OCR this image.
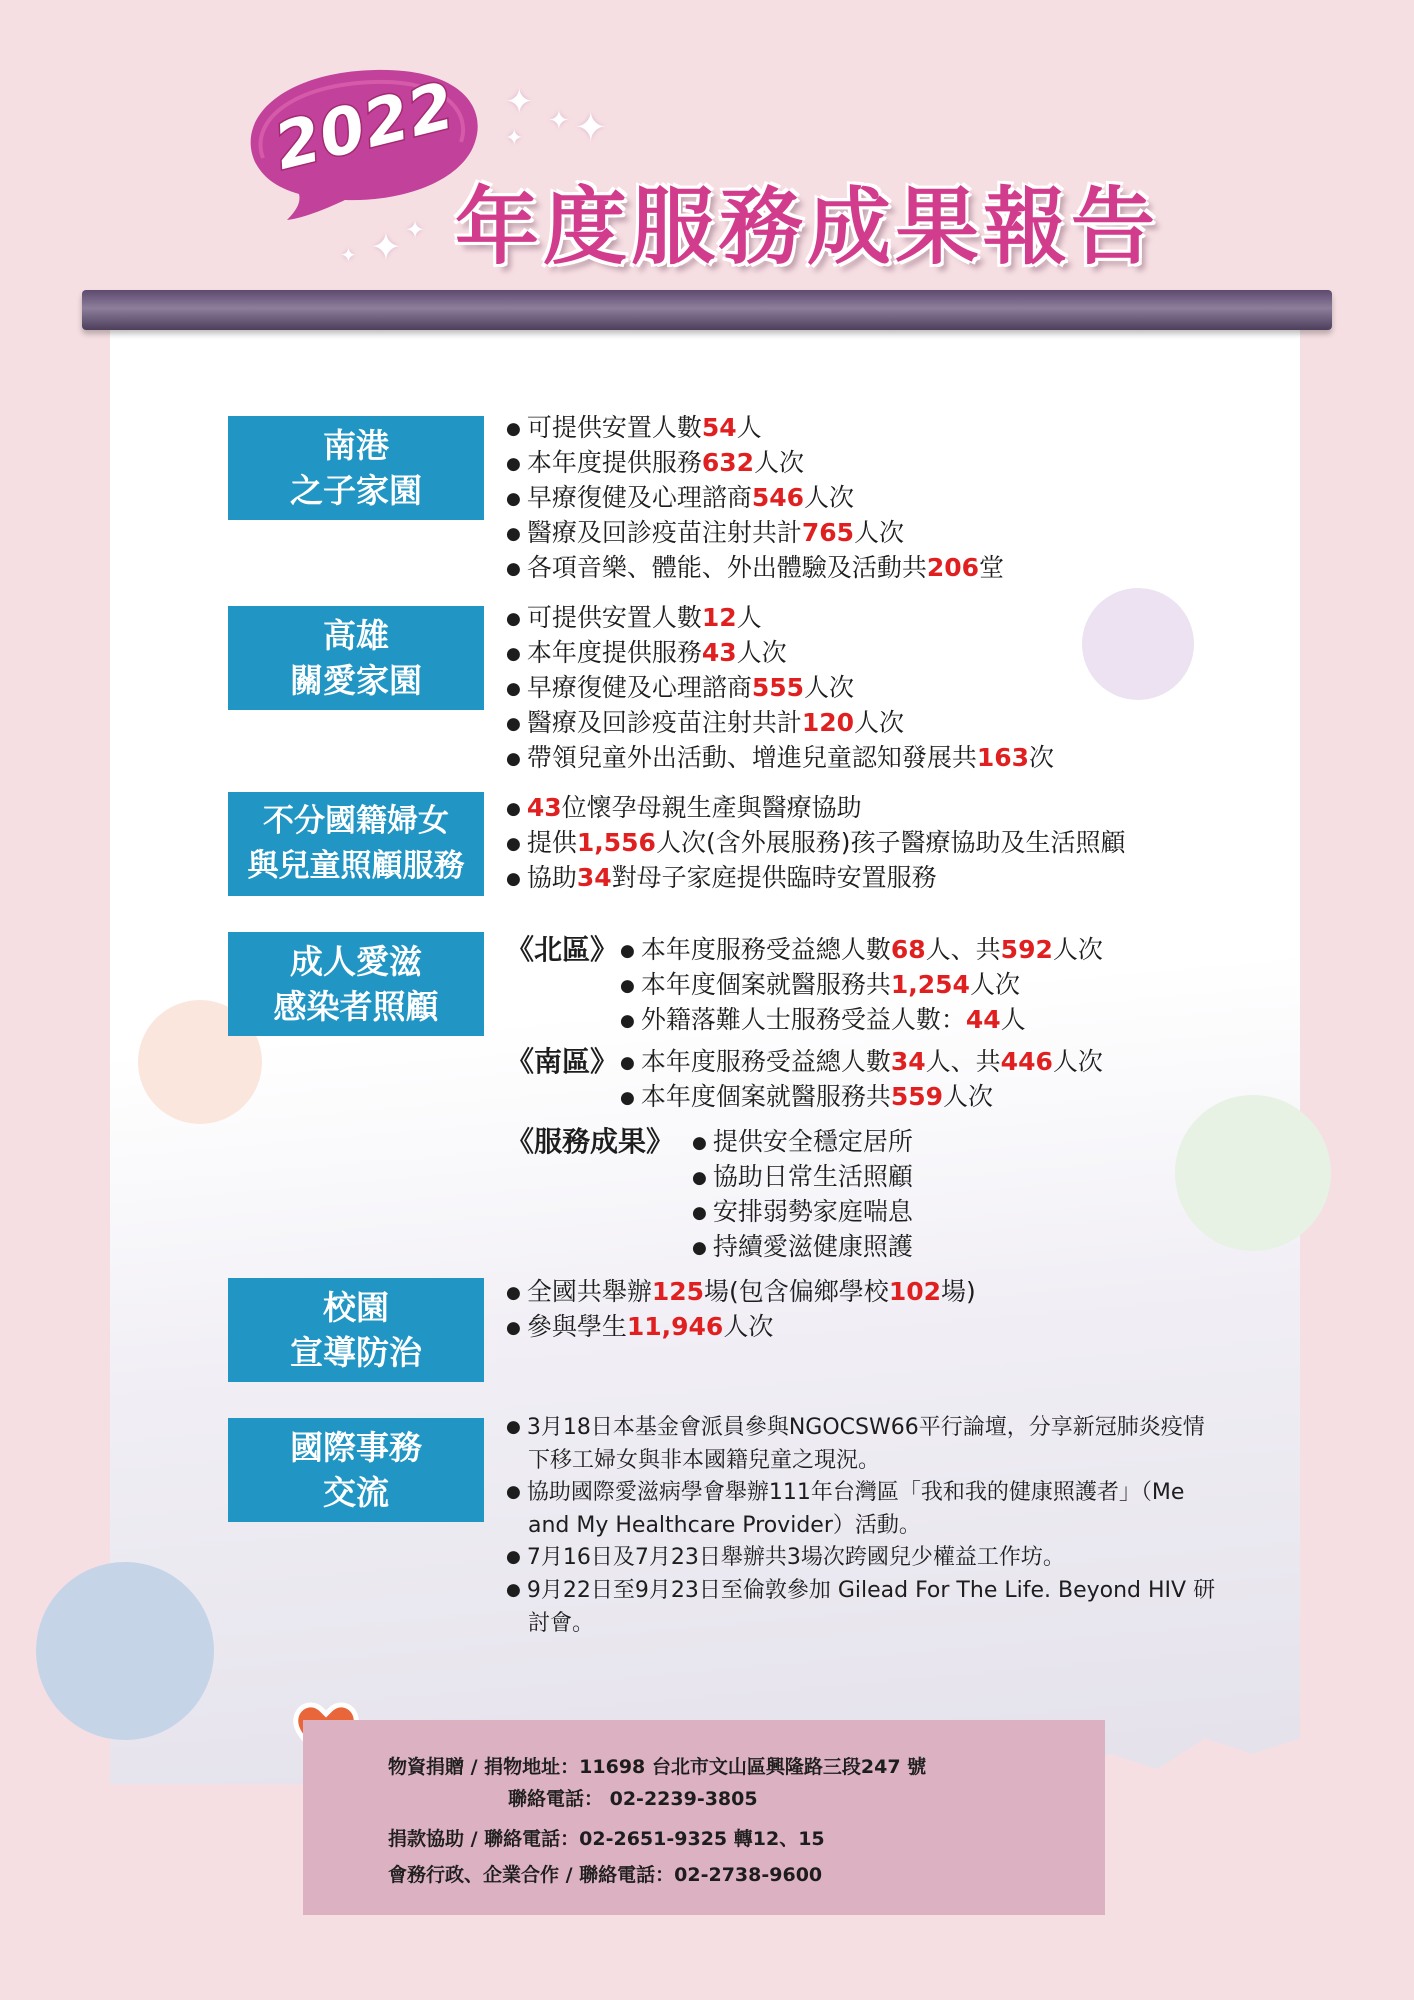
2022	✦ ✦ ✦
✦
✦ ✦
✦ 年度服務成果報告
南港
之子家園
● 可提供安置人數54人
● 本年度提供服務632人次
● 早療復健及心理諮商546人次
● 醫療及回診疫苗注射共計765人次
● 各項音樂、體能、外出體驗及活動共206堂
高雄
關愛家園
● 可提供安置人數12人
● 本年度提供服務43人次
● 早療復健及心理諮商555人次
● 醫療及回診疫苗注射共計120人次
● 帶領兒童外出活動、增進兒童認知發展共163次
不分國籍婦女
與兒童照顧服務
● 43位懷孕母親生產與醫療協助
● 提供1,556人次(含外展服務)孩子醫療協助及生活照顧
● 協助34對母子家庭提供臨時安置服務
成人愛滋
感染者照顧
《北區》 ● 本年度服務受益總人數68人、共592人次
● 本年度個案就醫服務共1,254人次
● 外籍落難人士服務受益人數：44人
《南區》 ● 本年度服務受益總人數34人、共446人次
● 本年度個案就醫服務共559人次
《服務成果》	● 提供安全穩定居所
● 協助日常生活照顧
● 安排弱勢家庭喘息
● 持續愛滋健康照護
校園
宣導防治
● 全國共舉辦125場(包含偏鄉學校102場)
● 參與學生11,946人次
國際事務
交流
● 3月18日本基金會派員參與NGOCSW66平行論壇，分享新冠肺炎疫情下移工婦女與非本國籍兒童之現況。
● 協助國際愛滋病學會舉辦111年台灣區「我和我的健康照護者」（Me and My Healthcare Provider）活動。
● 7月16日及7月23日舉辦共3場次跨國兒少權益工作坊。
● 9月22日至9月23日至倫敦參加 Gilead For The Life. Beyond HIV 研討會。
物資捐贈 / 捐物地址：11698 台北市文山區興隆路三段247 號
聯絡電話： 02-2239-3805
捐款協助 / 聯絡電話：02-2651-9325 轉12、15
會務行政、企業合作 / 聯絡電話：02-2738-9600
